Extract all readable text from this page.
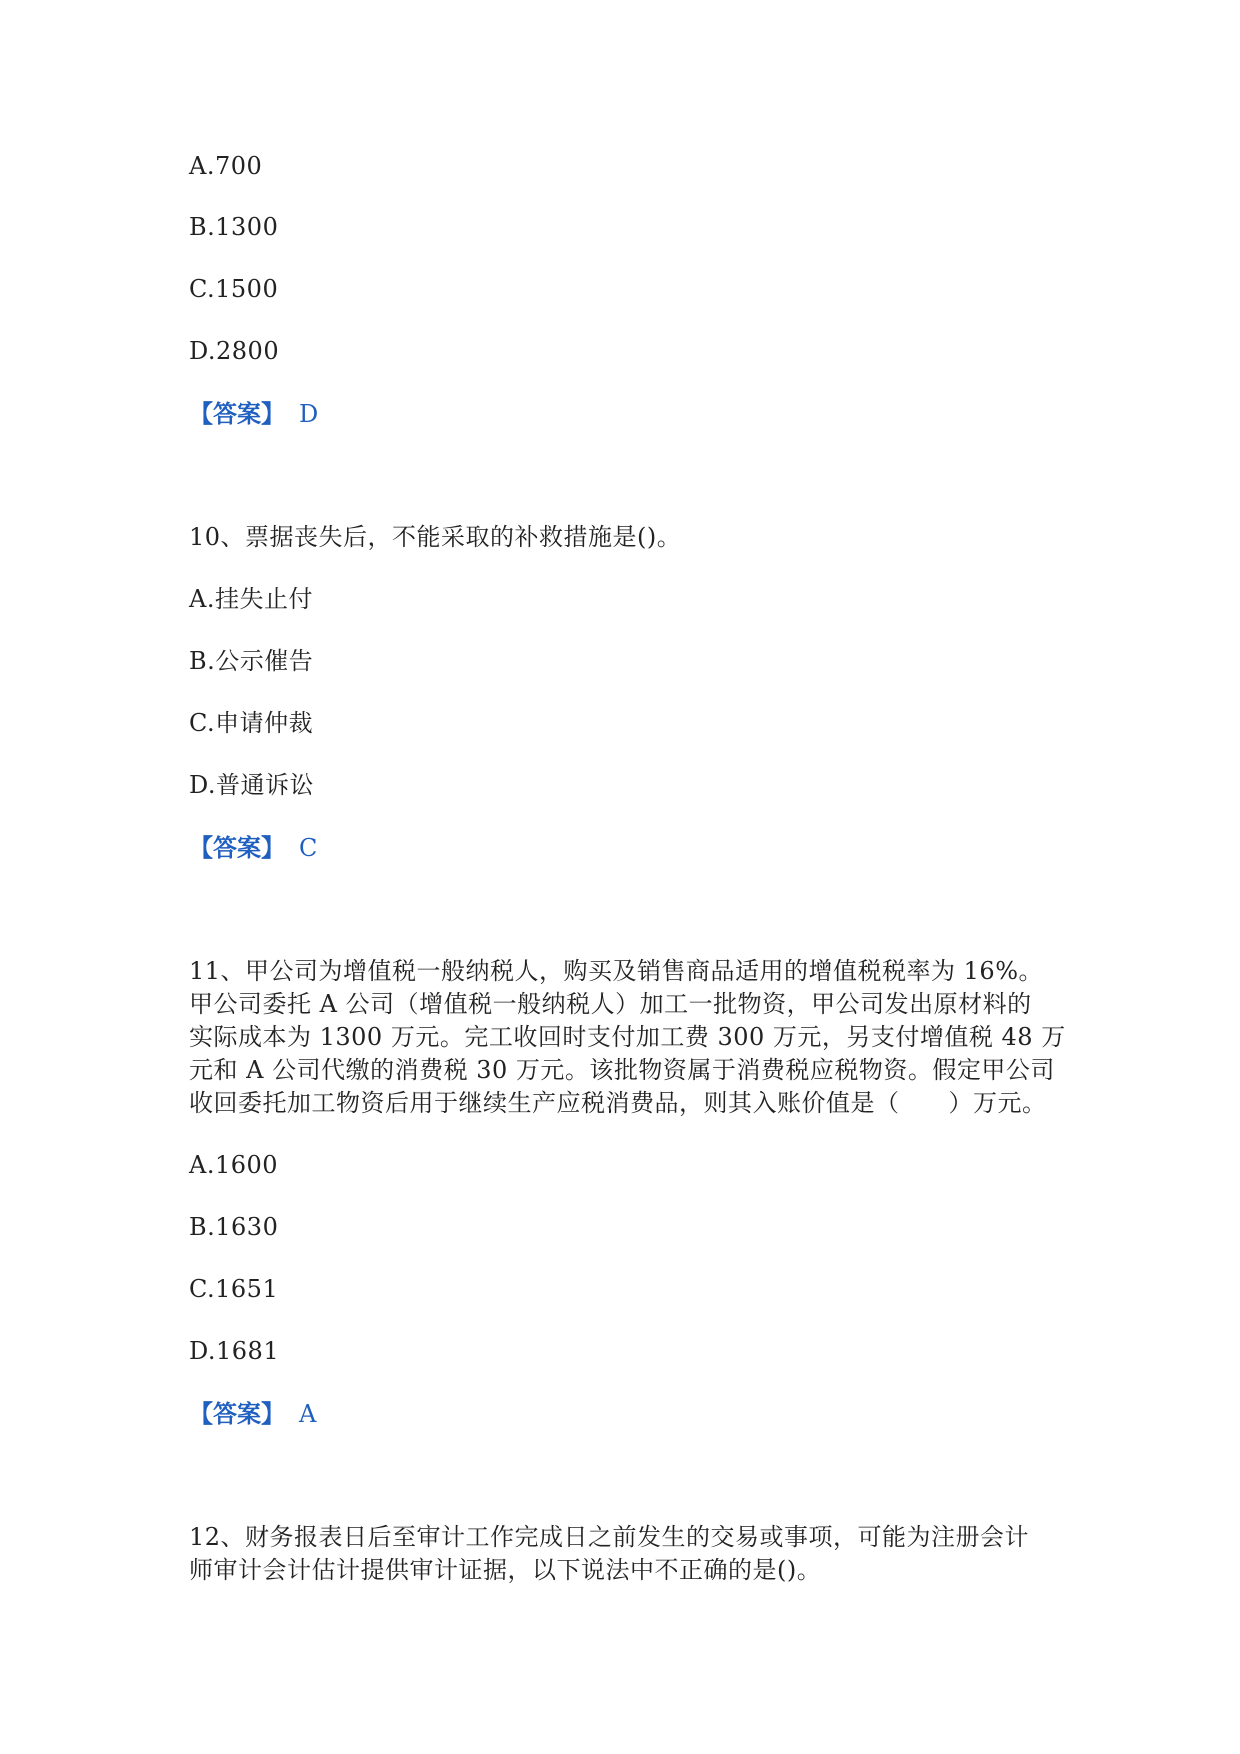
A.700
B.1300
C.1500
D.2800
【答案】 D
10、票据丧失后，不能采取的补救措施是()。
A.挂失止付
B.公示催告
C.申请仲裁
D.普通诉讼
【答案】 C
11、甲公司为增值税一般纳税人，购买及销售商品适用的增值税税率为 16%。
甲公司委托 A 公司（增值税一般纳税人）加工一批物资，甲公司发出原材料的
实际成本为 1300 万元。完工收回时支付加工费 300 万元，另支付增值税 48 万
元和 A 公司代缴的消费税 30 万元。该批物资属于消费税应税物资。假定甲公司
收回委托加工物资后用于继续生产应税消费品，则其入账价值是（　　）万元。
A.1600
B.1630
C.1651
D.1681
【答案】 A
12、财务报表日后至审计工作完成日之前发生的交易或事项，可能为注册会计
师审计会计估计提供审计证据，以下说法中不正确的是()。
